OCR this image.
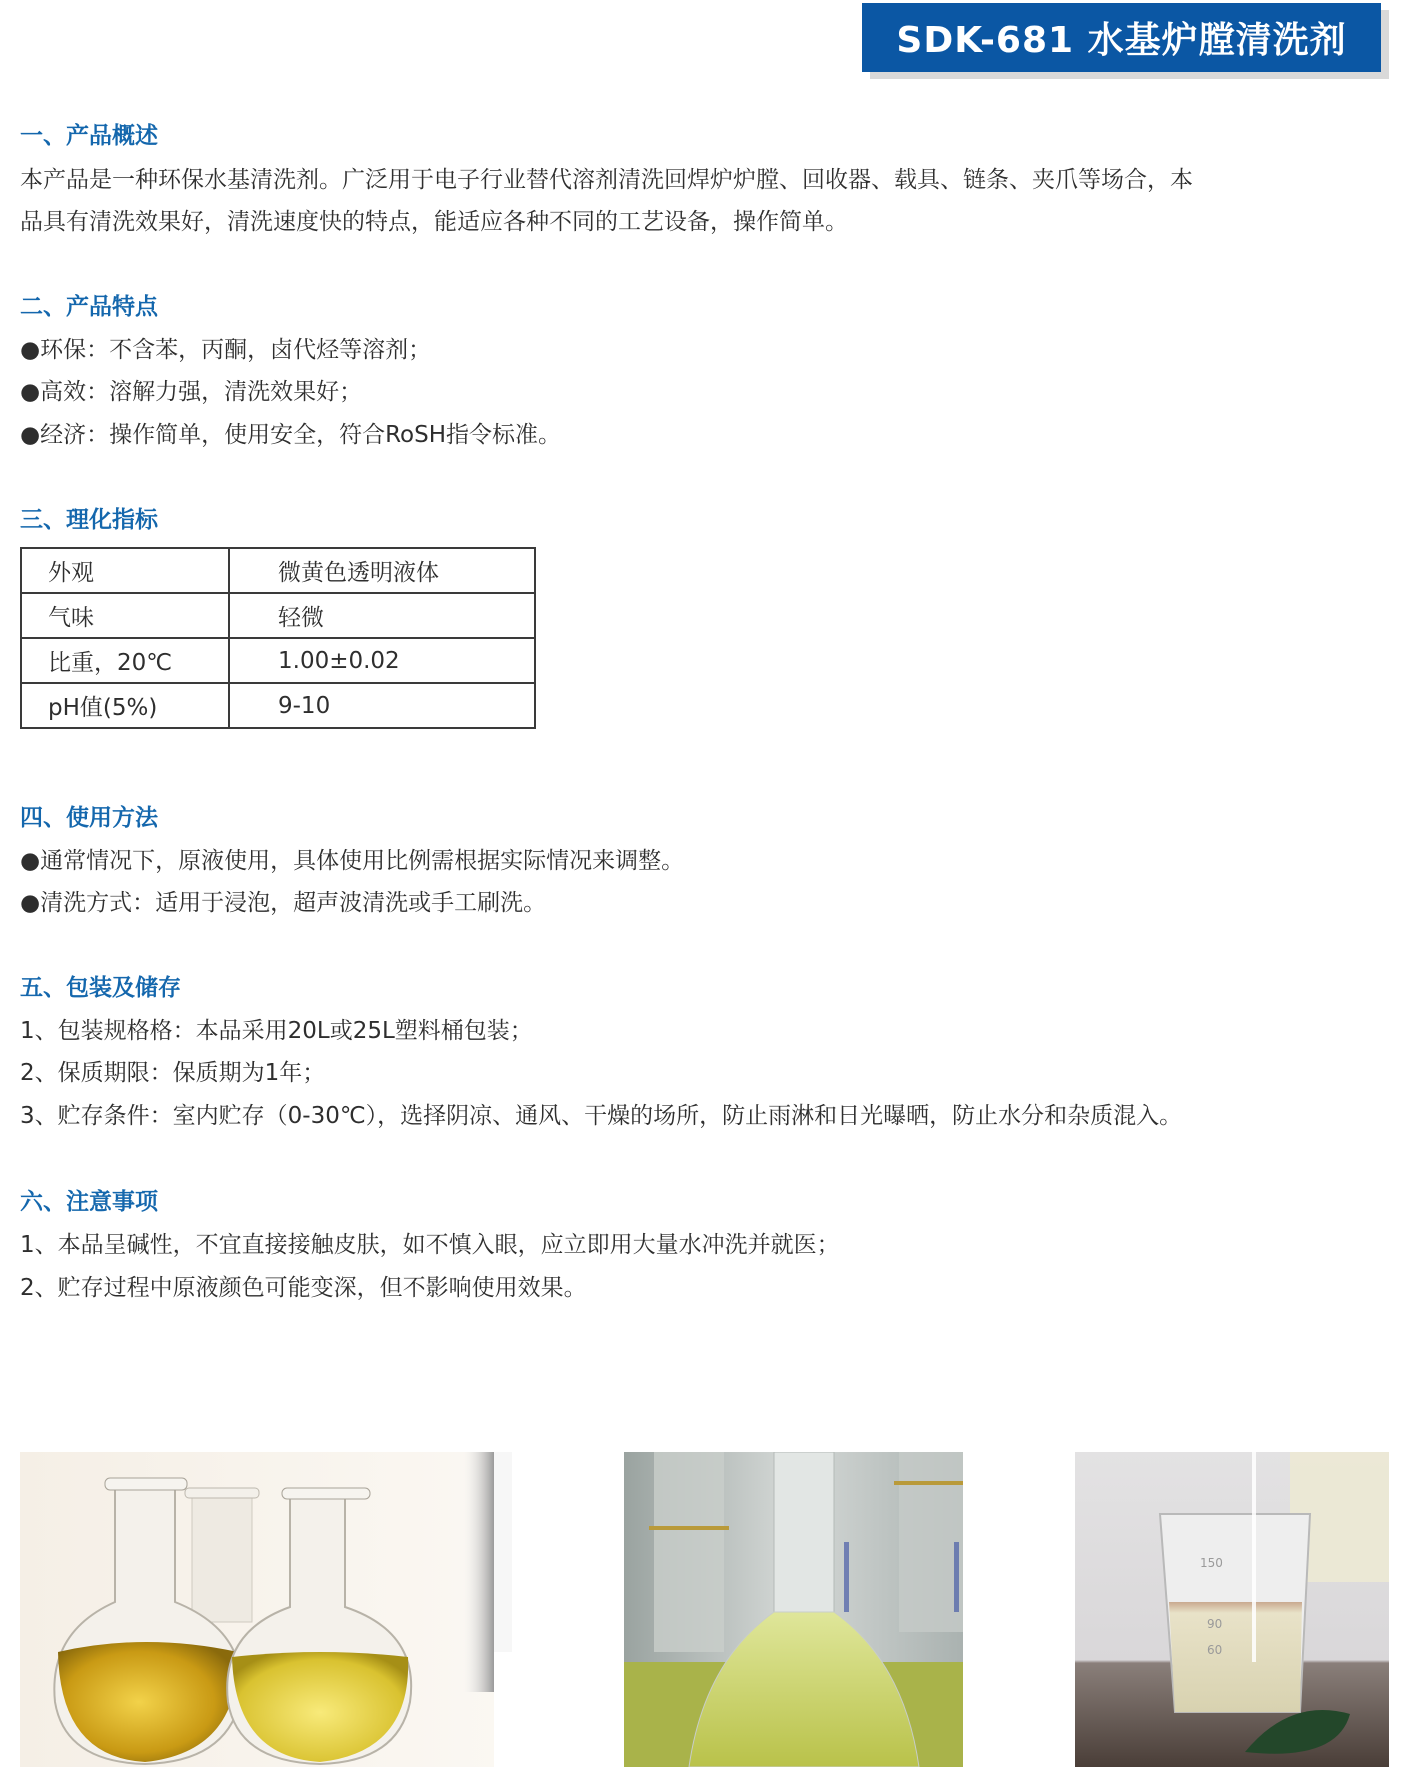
SDK-681 水基炉膛清洗剂
一、产品概述
本产品是一种环保水基清洗剂。广泛用于电子行业替代溶剂清洗回焊炉炉膛、回收器、载具、链条、夹爪等场合，本
品具有清洗效果好，清洗速度快的特点，能适应各种不同的工艺设备，操作简单。
二、产品特点
●环保：不含苯，丙酮，卤代烃等溶剂；
●高效：溶解力强，清洗效果好；
●经济：操作简单，使用安全，符合RoSH指令标准。
三、理化指标
外观	微黄色透明液体
气味	轻微
比重，20℃	1.00±0.02
pH值(5%)	9-10
四、使用方法
●通常情况下，原液使用，具体使用比例需根据实际情况来调整。
●清洗方式：适用于浸泡，超声波清洗或手工刷洗。
五、包装及储存
1、包装规格格：本品采用20L或25L塑料桶包装；
2、保质期限：保质期为1年；
3、贮存条件：室内贮存（0-30℃），选择阴凉、通风、干燥的场所，防止雨淋和日光曝晒，防止水分和杂质混入。
六、注意事项
1、本品呈碱性，不宜直接接触皮肤，如不慎入眼，应立即用大量水冲洗并就医；
2、贮存过程中原液颜色可能变深，但不影响使用效果。
150
90
60
